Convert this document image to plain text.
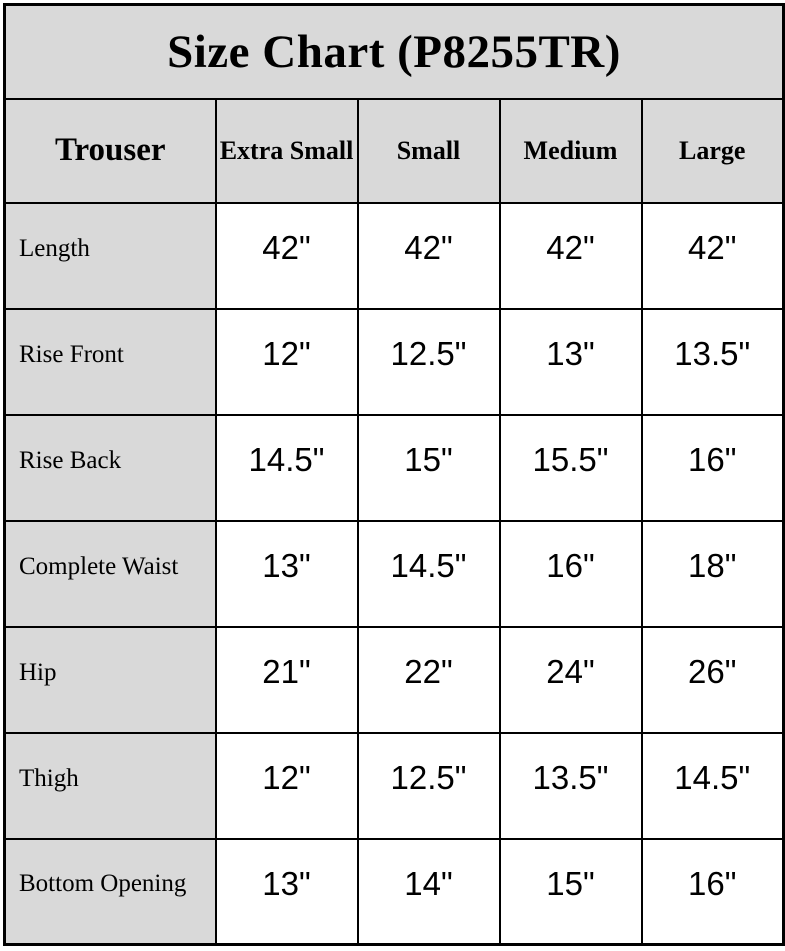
Size Chart (P8255TR)				
Trouser	Extra Small	Small	Medium	Large
Length	42"	42"	42"	42"
Rise Front	12"	12.5"	13"	13.5"
Rise Back	14.5"	15"	15.5"	16"
Complete Waist	13"	14.5"	16"	18"
Hip	21"	22"	24"	26"
Thigh	12"	12.5"	13.5"	14.5"
Bottom Opening	13"	14"	15"	16"
